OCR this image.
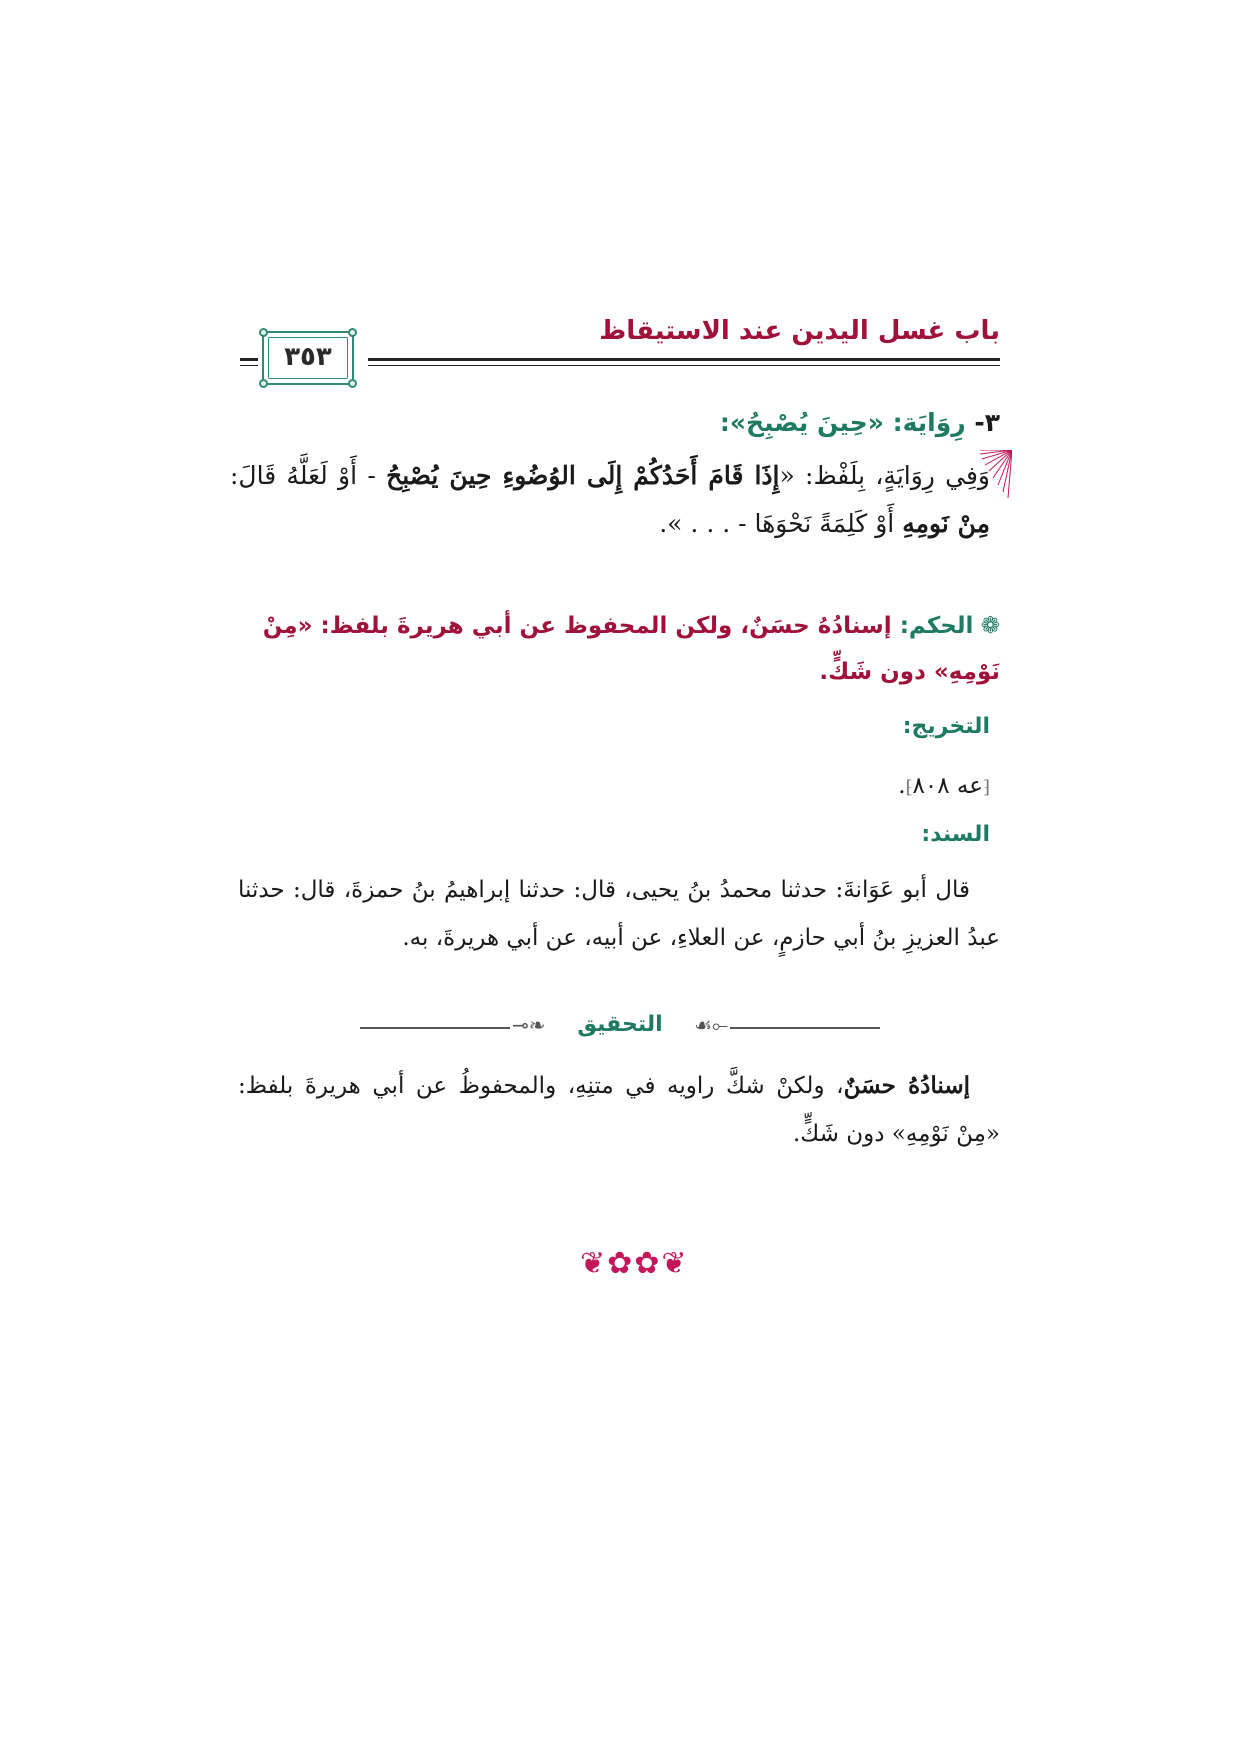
باب غسل اليدين عند الاستيقاظ
٣٥٣
٣- رِوَايَة: «حِينَ يُصْبِحُ»:
وَفِي رِوَايَةٍ، بِلَفْظ: «إِذَا قَامَ أَحَدُكُمْ إِلَى الوُضُوءِ حِينَ يُصْبِحُ - أَوْ لَعَلَّهُ قَالَ: مِنْ نَومِهِ أَوْ كَلِمَةً نَحْوَهَا - . . . ».
❁ الحكم: إسنادُهُ حسَنٌ، ولكن المحفوظ عن أبي هريرةَ بلفظ: «مِنْ نَوْمِهِ» دون شَكٍّ.
التخريج:
⁅عه ٨٠٨⁆.
السند:
قال أبو عَوَانةَ: حدثنا محمدُ بنُ يحيى، قال: حدثنا إبراهيمُ بنُ حمزةَ، قال: حدثنا عبدُ العزيزِ بنُ أبي حازمٍ، عن العلاءِ، عن أبيه، عن أبي هريرةَ، به.
⊸❧	التحقيق	☙⟜
إسنادُهُ حسَنٌ، ولكنْ شكَّ راويه في متنِهِ، والمحفوظُ عن أبي هريرةَ بلفظ: «مِنْ نَوْمِهِ» دون شَكٍّ.
❦✿✿❦
